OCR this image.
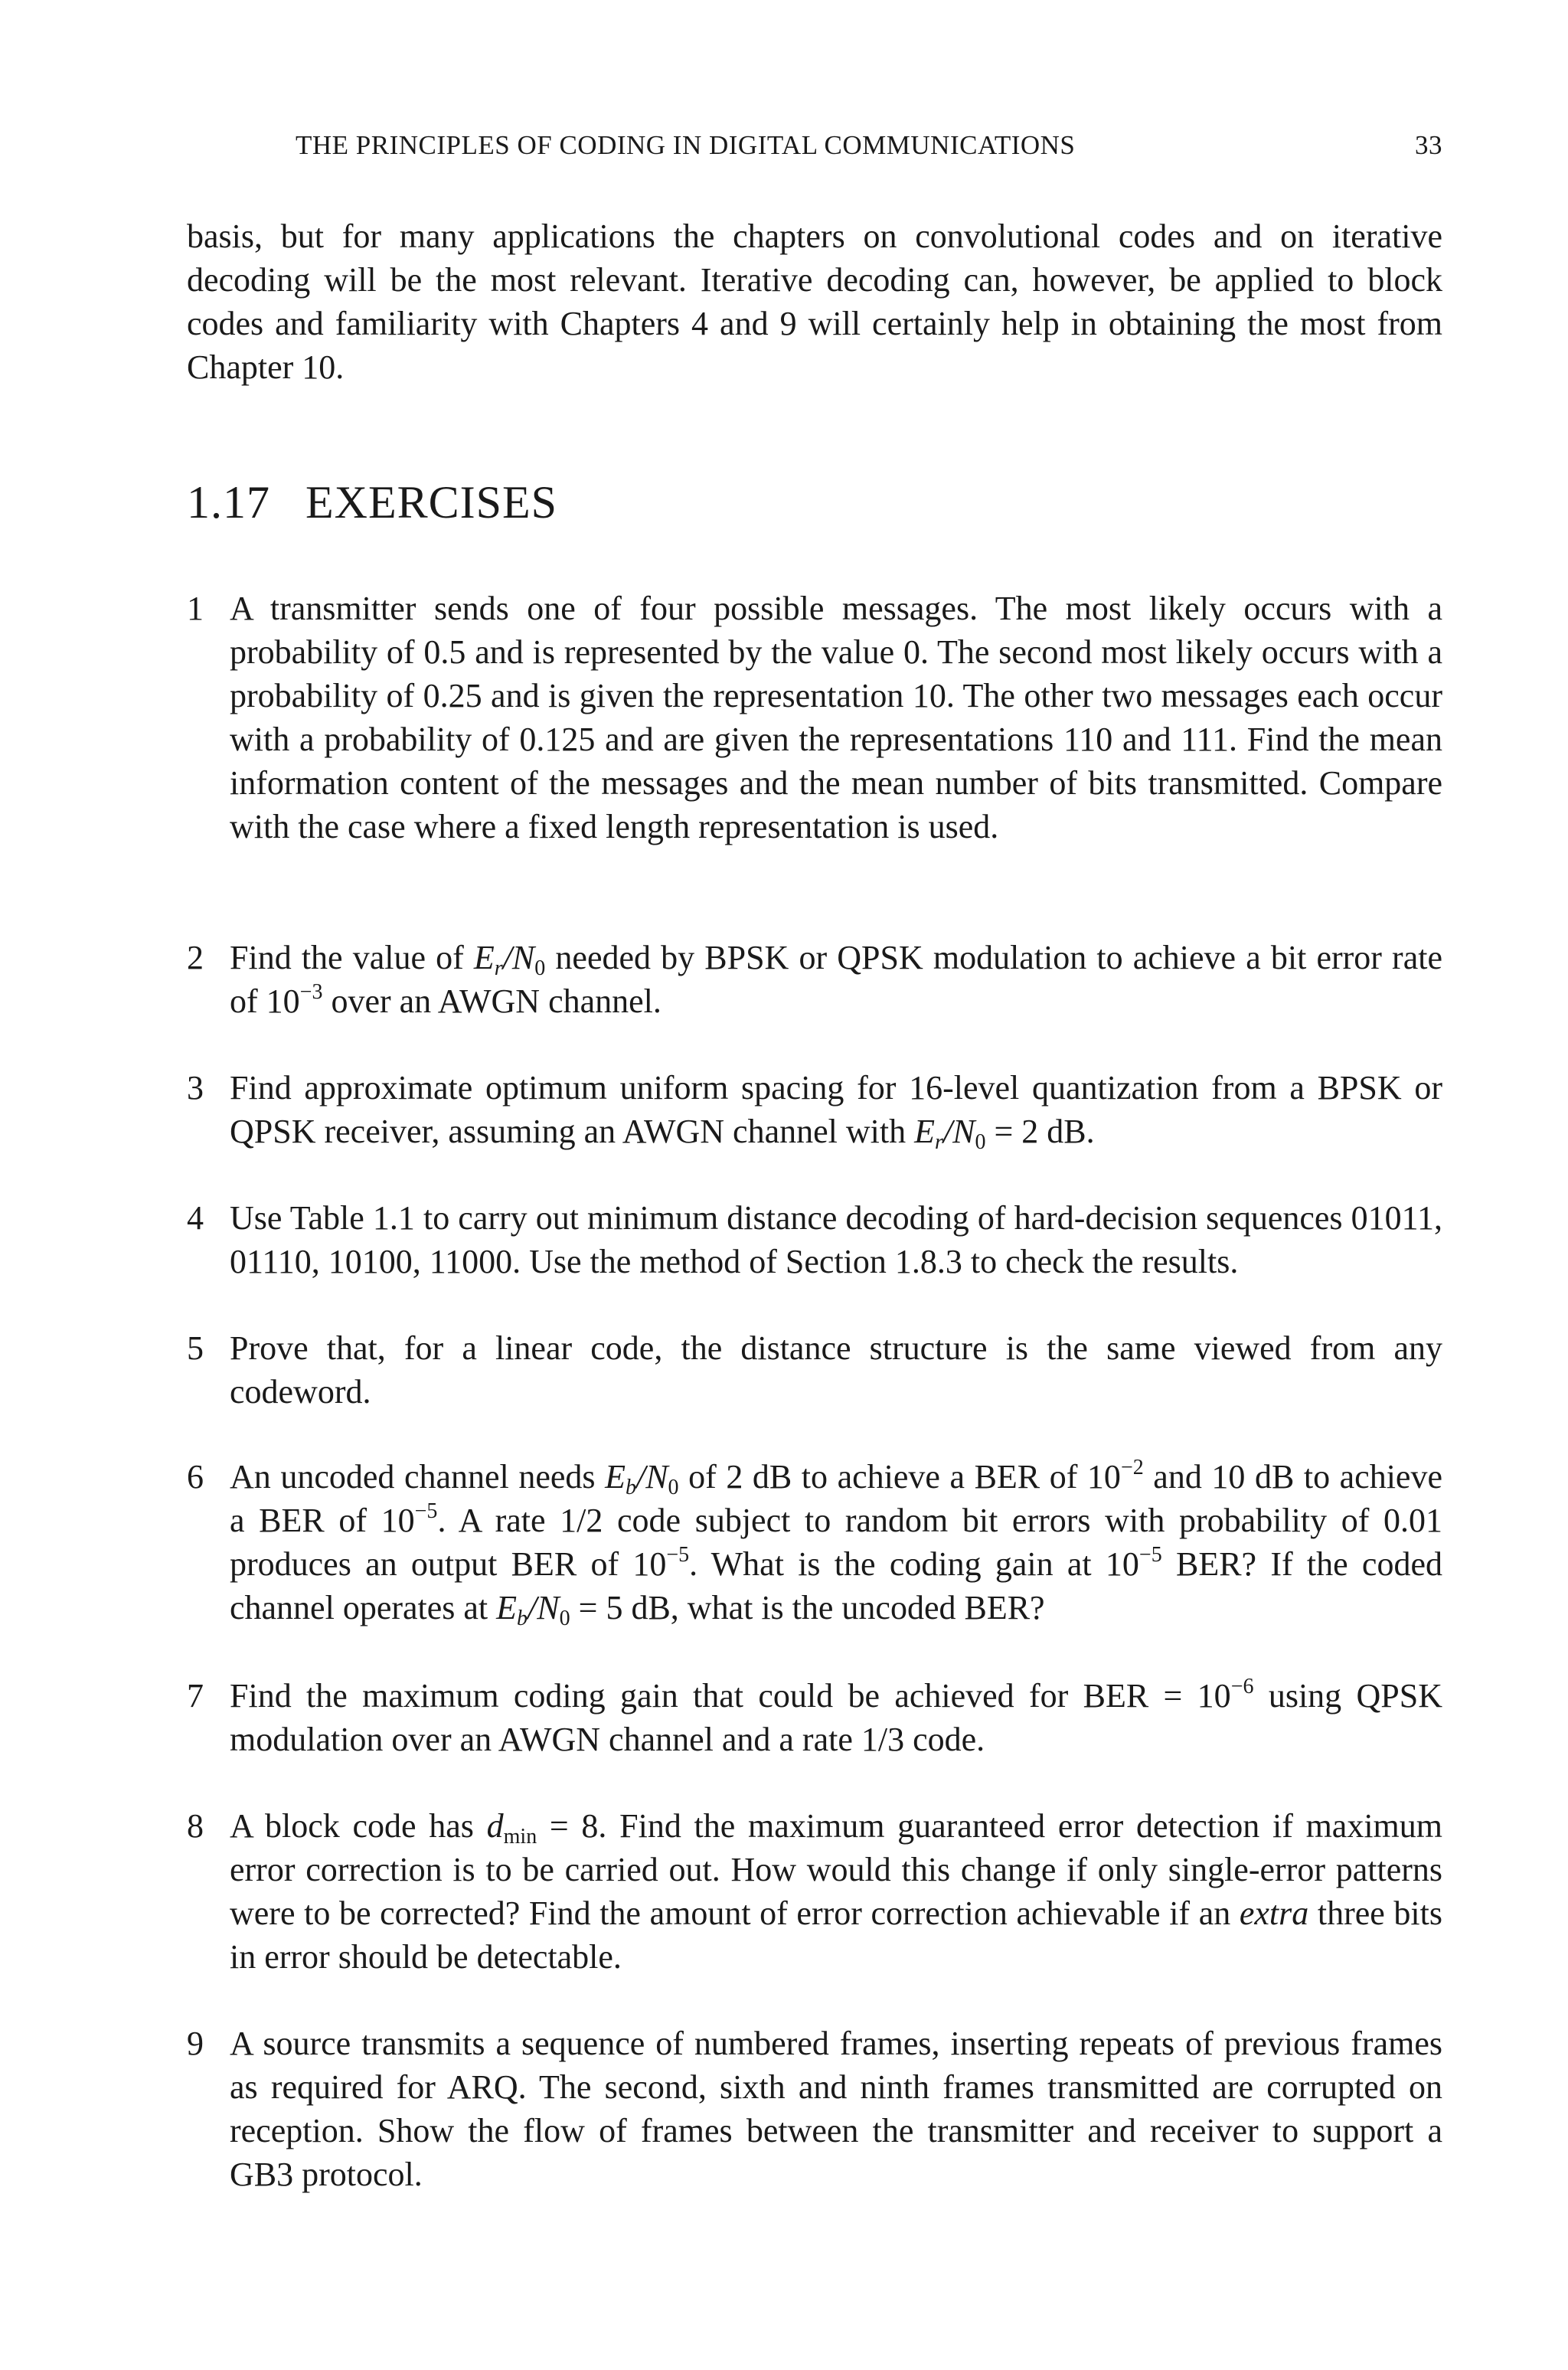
THE PRINCIPLES OF CODING IN DIGITAL COMMUNICATIONS	33

basis, but for many applications the chapters on convolutional codes and on iterative decoding will be the most relevant. Iterative decoding can, however, be applied to block codes and familiarity with Chapters 4 and 9 will certainly help in obtaining the most from Chapter 10.

1.17 EXERCISES
1 A transmitter sends one of four possible messages. The most likely occurs with a probability of 0.5 and is represented by the value 0. The second most likely occurs with a probability of 0.25 and is given the representation 10. The other two messages each occur with a probability of 0.125 and are given the representations 110 and 111. Find the mean information content of the messages and the mean number of bits transmitted. Compare with the case where a fixed length representation is used.
2 Find the value of $E_r/N_0$ needed by BPSK or QPSK modulation to achieve a bit error rate of $10^{-3}$ over an AWGN channel.
3 Find approximate optimum uniform spacing for 16-level quantization from a BPSK or QPSK receiver, assuming an AWGN channel with $E_r/N_0 = 2$ dB.
4 Use Table 1.1 to carry out minimum distance decoding of hard-decision sequences 01011, 01110, 10100, 11000. Use the method of Section 1.8.3 to check the results.
5 Prove that, for a linear code, the distance structure is the same viewed from any codeword.
6 An uncoded channel needs $E_b/N_0$ of 2 dB to achieve a BER of $10^{-2}$ and 10 dB to achieve a BER of $10^{-5}$. A rate 1/2 code subject to random bit errors with probability of 0.01 produces an output BER of $10^{-5}$. What is the coding gain at $10^{-5}$ BER? If the coded channel operates at $E_b/N_0 = 5$ dB, what is the uncoded BER?
7 Find the maximum coding gain that could be achieved for BER = $10^{-6}$ using QPSK modulation over an AWGN channel and a rate 1/3 code.
8 A block code has $d_{min} = 8$. Find the maximum guaranteed error detection if maximum error correction is to be carried out. How would this change if only single-error patterns were to be corrected? Find the amount of error correction achievable if an extra three bits in error should be detectable.
9 A source transmits a sequence of numbered frames, inserting repeats of previous frames as required for ARQ. The second, sixth and ninth frames transmitted are corrupted on reception. Show the flow of frames between the transmitter and receiver to support a GB3 protocol.
